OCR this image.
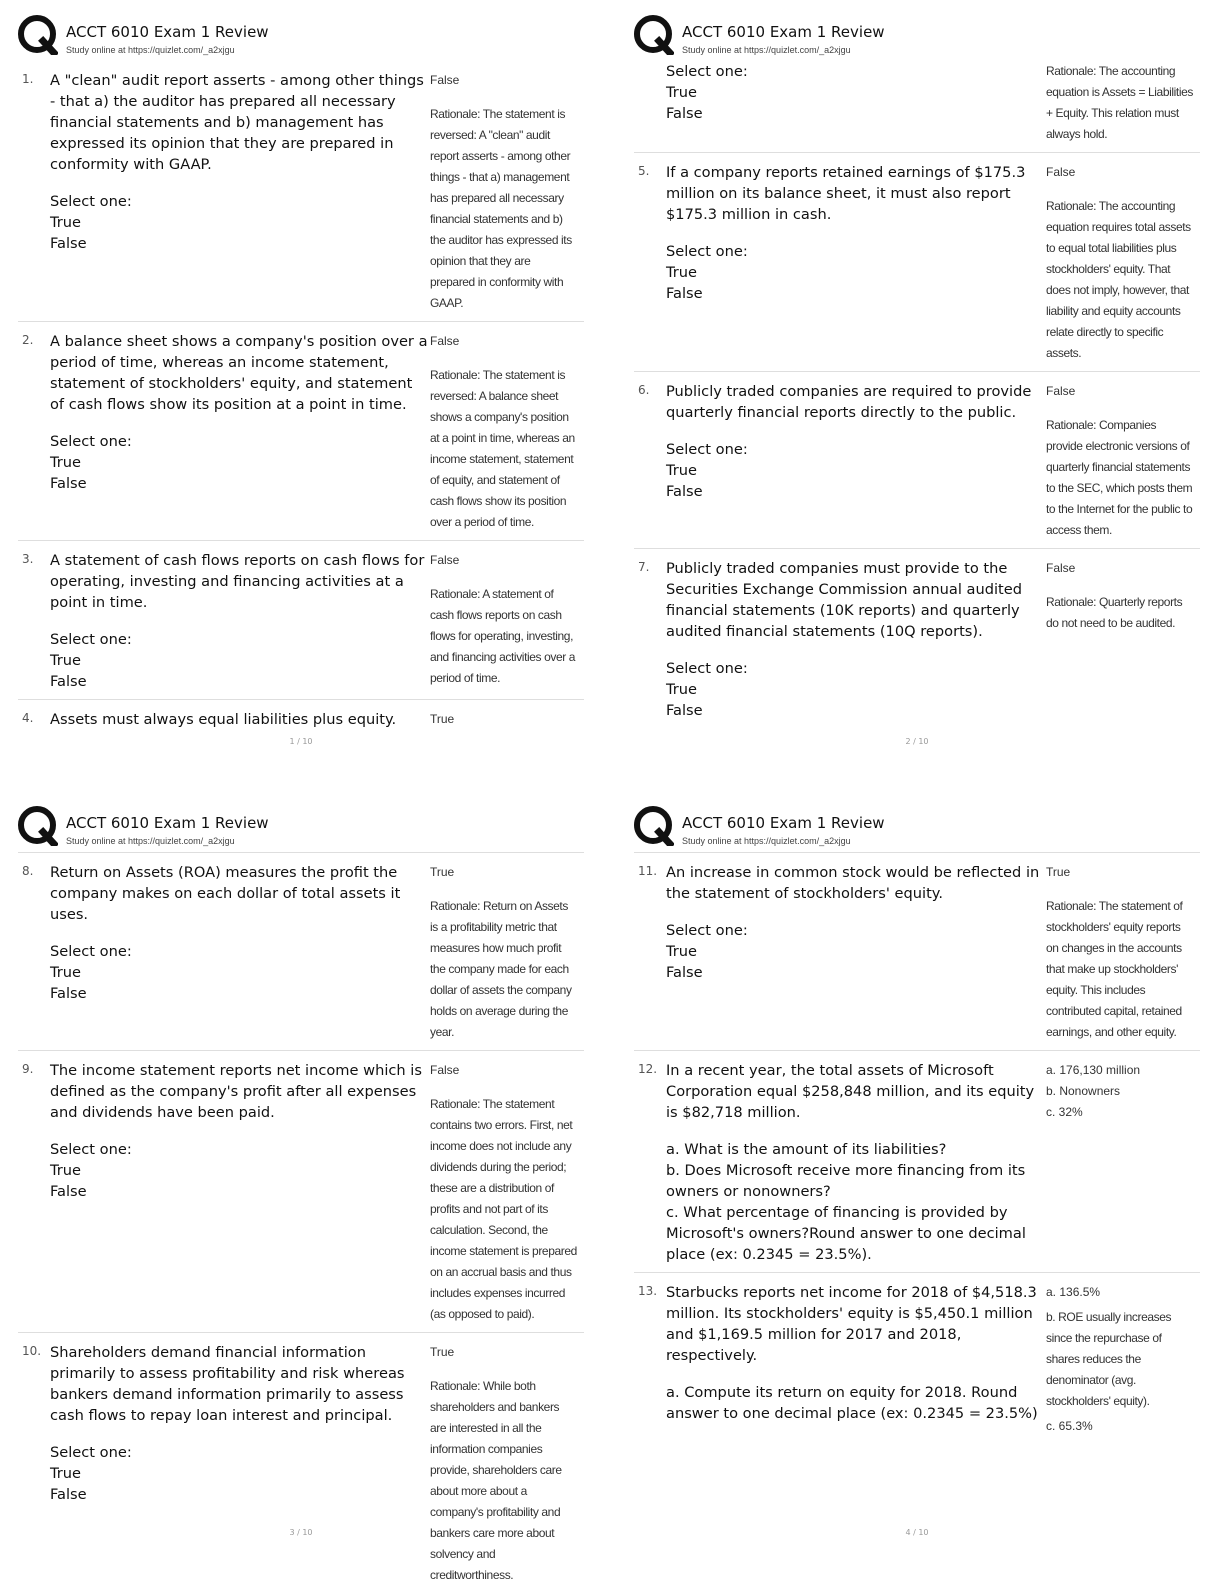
ACCT 6010 Exam 1 Review
Study online at https://quizlet.com/_a2xjgu
1.	A "clean" audit report asserts - among other things - that a) the auditor has prepared all necessary financial statements and b) management has expressed its opinion that they are prepared in conformity with GAAP.
Select one:
True
False
False
Rationale: The statement is reversed: A "clean" audit report asserts - among other things - that a) management has prepared all necessary financial statements and b) the auditor has expressed its opinion that they are prepared in conformity with GAAP.
2.	A balance sheet shows a company's position over a period of time, whereas an income statement, statement of stockholders' equity, and statement of cash flows show its position at a point in time.
Select one:
True
False
False
Rationale: The statement is reversed: A balance sheet shows a company's position at a point in time, whereas an income statement, statement of equity, and statement of cash flows show its position over a period of time.
3.	A statement of cash flows reports on cash flows for operating, investing and financing activities at a point in time.
Select one:
True
False
False
Rationale: A statement of cash flows reports on cash flows for operating, investing, and financing activities over a period of time.
4.	Assets must always equal liabilities plus equity.	True
1 / 10
ACCT 6010 Exam 1 Review
Study online at https://quizlet.com/_a2xjgu
Select one:
True
False
Rationale: The accounting equation is Assets = Liabilities + Equity. This relation must always hold.
5.	If a company reports retained earnings of $175.3 million on its balance sheet, it must also report $175.3 million in cash.
Select one:
True
False
False
Rationale: The accounting equation requires total assets to equal total liabilities plus stockholders' equity. That does not imply, however, that liability and equity accounts relate directly to specific assets.
6.	Publicly traded companies are required to provide quarterly financial reports directly to the public.
Select one:
True
False
False
Rationale: Companies provide electronic versions of quarterly financial statements to the SEC, which posts them to the Internet for the public to access them.
7.	Publicly traded companies must provide to the Securities Exchange Commission annual audited financial statements (10K reports) and quarterly audited financial statements (10Q reports).
Select one:
True
False
False
Rationale: Quarterly reports do not need to be audited.
2 / 10
ACCT 6010 Exam 1 Review
Study online at https://quizlet.com/_a2xjgu
8.	Return on Assets (ROA) measures the profit the company makes on each dollar of total assets it uses.
Select one:
True
False
True
Rationale: Return on Assets is a profitability metric that measures how much profit the company made for each dollar of assets the company holds on average during the year.
9.	The income statement reports net income which is defined as the company's profit after all expenses and dividends have been paid.
Select one:
True
False
False
Rationale: The statement contains two errors. First, net income does not include any dividends during the period; these are a distribution of profits and not part of its calculation. Second, the income statement is prepared on an accrual basis and thus includes expenses incurred (as opposed to paid).
10. Shareholders demand financial information primarily to assess profitability and risk whereas bankers demand information primarily to assess cash flows to repay loan interest and principal.
Select one:
True
False
True
Rationale: While both shareholders and bankers are interested in all the information companies provide, shareholders care about more about a company's profitability and bankers care more about solvency and creditworthiness.
3 / 10
ACCT 6010 Exam 1 Review
Study online at https://quizlet.com/_a2xjgu
11. An increase in common stock would be reflected in the statement of stockholders' equity.
Select one:
True
False
True
Rationale: The statement of stockholders' equity reports on changes in the accounts that make up stockholders' equity. This includes contributed capital, retained earnings, and other equity.
12. In a recent year, the total assets of Microsoft Corporation equal $258,848 million, and its equity is $82,718 million.
a. What is the amount of its liabilities?
b. Does Microsoft receive more financing from its owners or nonowners?
c. What percentage of financing is provided by Microsoft's owners?Round answer to one decimal place (ex: 0.2345 = 23.5%).
a. 176,130 million
b. Nonowners
c. 32%
13. Starbucks reports net income for 2018 of $4,518.3 million. Its stockholders' equity is $5,450.1 million and $1,169.5 million for 2017 and 2018, respectively.
a. Compute its return on equity for 2018. Round answer to one decimal place (ex: 0.2345 = 23.5%)
a. 136.5%
b. ROE usually increases since the repurchase of shares reduces the denominator (avg. stockholders' equity).
c. 65.3%
4 / 10
